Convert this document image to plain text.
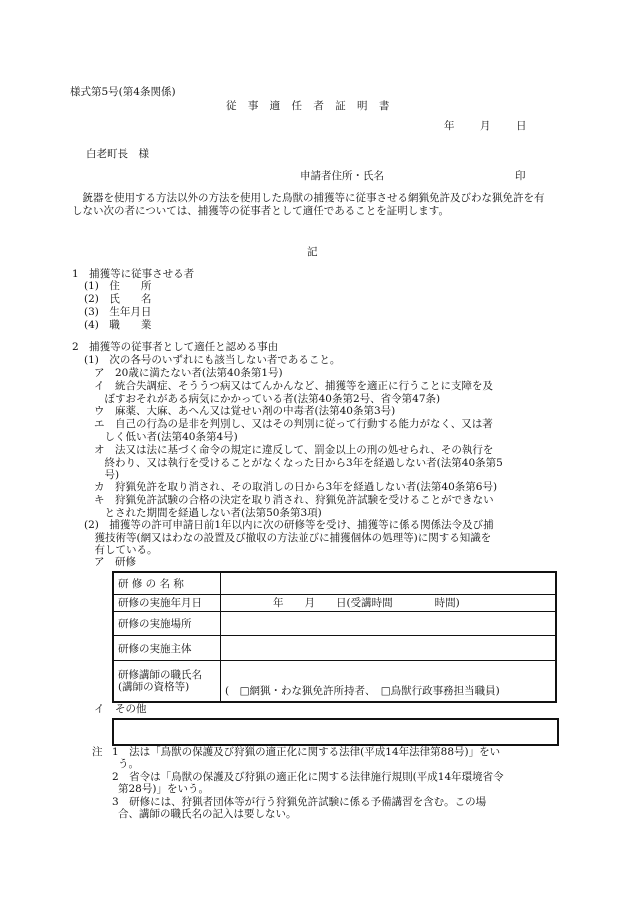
様式第5号(第4条関係)
従 事 適 任 者 証 明 書
年 月 日
白老町長　様
申請者住所・氏名	印
　銃器を使用する方法以外の方法を使用した鳥獣の捕獲等に従事させる網猟免許及びわな猟免許を有しない次の者については、捕獲等の従事者として適任であることを証明します。
記
1　捕獲等に従事させる者
(1)　住　　所
(2)　氏　　名
(3)　生年月日
(4)　職　　業
2　捕獲等の従事者として適任と認める事由
(1)　次の各号のいずれにも該当しない者であること。
ア　20歳に満たない者(法第40条第1号)
イ　統合失調症、そううつ病又はてんかんなど、捕獲等を適正に行うことに支障を及
　ぼすおそれがある病気にかかっている者(法第40条第2号、省令第47条)
ウ　麻薬、大麻、あへん又は覚せい剤の中毒者(法第40条第3号)
エ　自己の行為の是非を判別し、又はその判別に従って行動する能力がなく、又は著
　しく低い者(法第40条第4号)
オ　法又は法に基づく命令の規定に違反して、罰金以上の刑の処せられ、その執行を
　終わり、又は執行を受けることがなくなった日から3年を経過しない者(法第40条第5
　号)
カ　狩猟免許を取り消され、その取消しの日から3年を経過しない者(法第40条第6号)
キ　狩猟免許試験の合格の決定を取り消され、狩猟免許試験を受けることができない
　とされた期間を経過しない者(法第50条第3項)
(2)　捕獲等の許可申請日前1年以内に次の研修等を受け、捕獲等に係る関係法令及び捕
　獲技術等(網又はわなの設置及び撤収の方法並びに捕獲個体の処理等)に関する知識を
　有している。
ア　研修
研 修 の 名 称	
研修の実施年月日	年　　月　　日(受講時間　　　　時間)
研修の実施場所	
研修の実施主体	

研修講師の職氏名
(講師の資格等)	(　□網猟・わな猟免許所持者、　□鳥獣行政事務担当職員)
イ　その他
注 1　法は「鳥獣の保護及び狩猟の適正化に関する法律(平成14年法律第88号)」をい
う。
2　省令は「鳥獣の保護及び狩猟の適正化に関する法律施行規則(平成14年環境省令
第28号)」をいう。
3　研修には、狩猟者団体等が行う狩猟免許試験に係る予備講習を含む。この場
合、講師の職氏名の記入は要しない。
